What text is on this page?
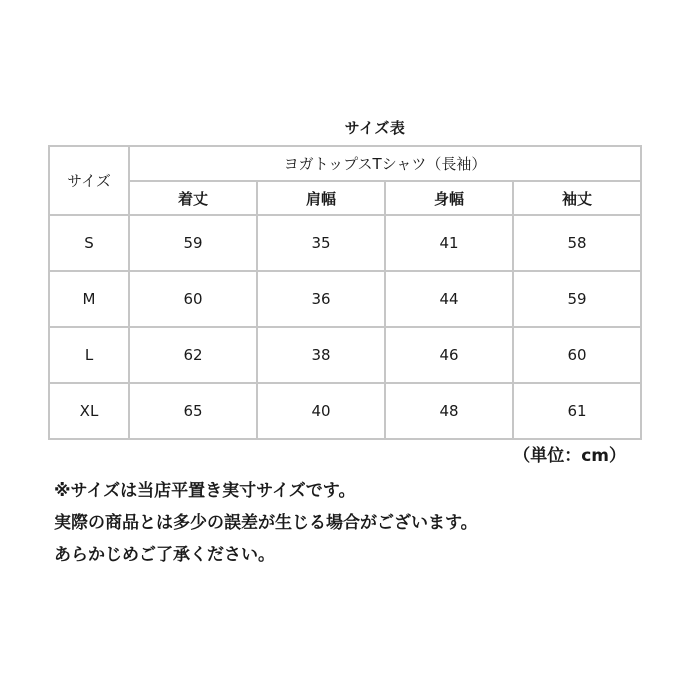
サイズ表
サイズ	ヨガトップスTシャツ（長袖）			
	着丈	肩幅	身幅	袖丈
S	59	35	41	58
M	60	36	44	59
L	62	38	46	60
XL	65	40	48	61
（単位：cm）
※サイズは当店平置き実寸サイズです。
実際の商品とは多少の誤差が生じる場合がございます。
あらかじめご了承ください。
